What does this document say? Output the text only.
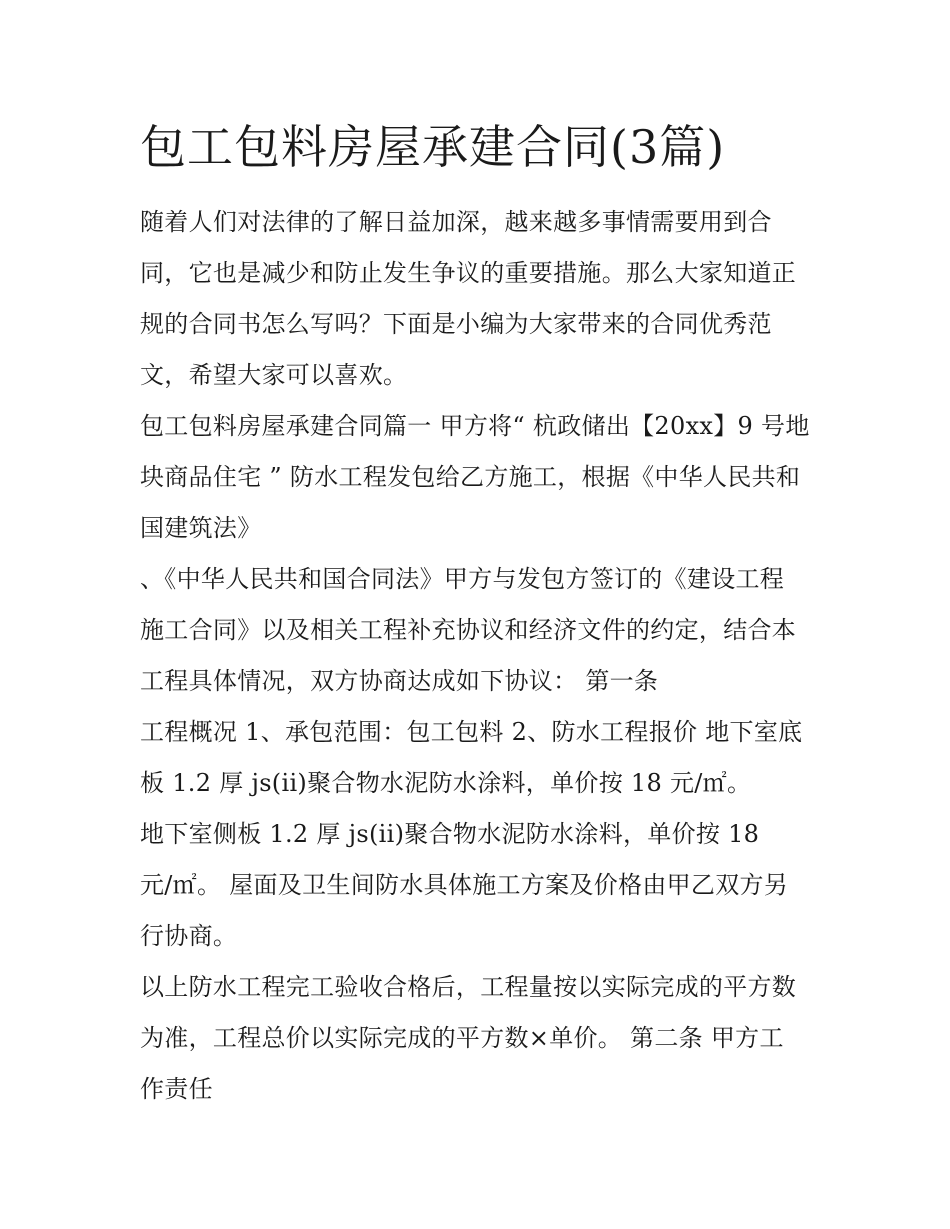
包工包料房屋承建合同(3篇)

随着人们对法律的了解日益加深，越来越多事情需要用到合

同，它也是减少和防止发生争议的重要措施。那么大家知道正

规的合同书怎么写吗？下面是小编为大家带来的合同优秀范

文，希望大家可以喜欢。

包工包料房屋承建合同篇一 甲方将“ 杭政储出【20xx】9 号地

块商品住宅 ” 防水工程发包给乙方施工，根据《中华人民共和

国建筑法》

、《中华人民共和国合同法》甲方与发包方签订的《建设工程

施工合同》以及相关工程补充协议和经济文件的约定，结合本

工程具体情况，双方协商达成如下协议： 第一条

工程概况 1、承包范围：包工包料 2、防水工程报价 地下室底

板 1.2 厚 js(ii)聚合物水泥防水涂料，单价按 18 元/㎡。

地下室侧板 1.2 厚 js(ii)聚合物水泥防水涂料，单价按 18

元/㎡。 屋面及卫生间防水具体施工方案及价格由甲乙双方另

行协商。

以上防水工程完工验收合格后，工程量按以实际完成的平方数

为准，工程总价以实际完成的平方数×单价。 第二条 甲方工

作责任
